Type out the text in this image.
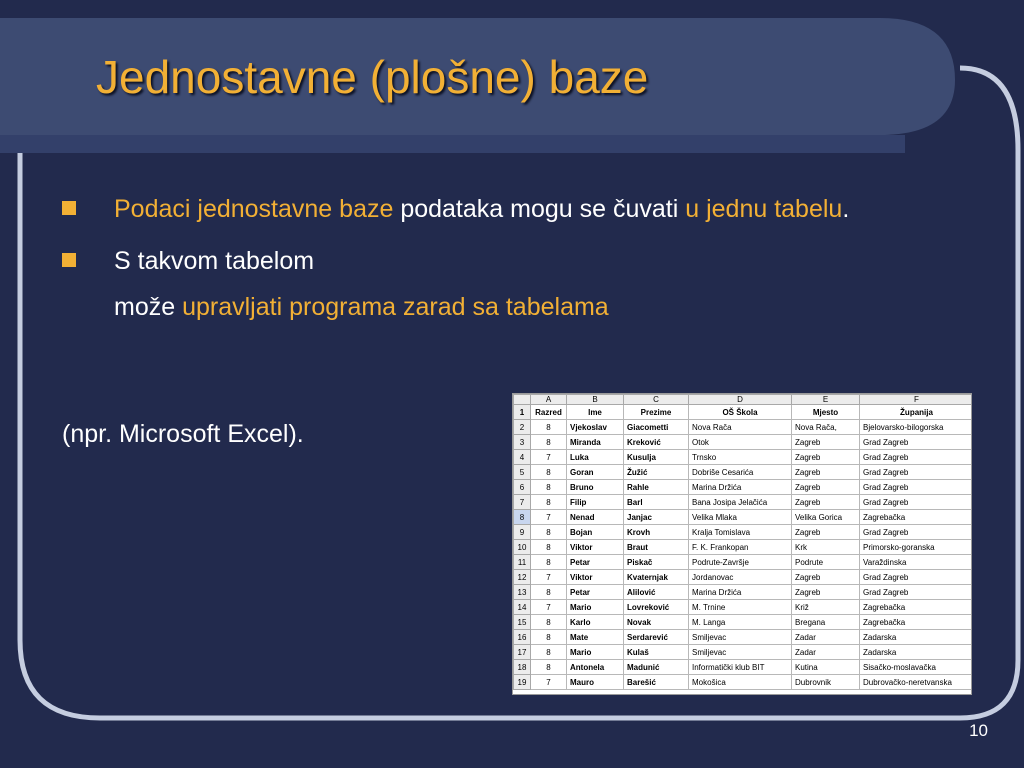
Jednostavne (plošne) baze
Podaci jednostavne baze podataka mogu se čuvati u jednu tabelu.
S takvom tabelom
može upravljati programa zarad sa tabelama
(npr. Microsoft Excel).
	A	B	C	D	E	F
1	Razred	Ime	Prezime	OŠ Škola	Mjesto	Županija
2	8	Vjekoslav	Giacometti	Nova Rača	Nova Rača,	Bjelovarsko-bilogorska
3	8	Miranda	Kreković	Otok	Zagreb	Grad Zagreb
4	7	Luka	Kusulja	Trnsko	Zagreb	Grad Zagreb
5	8	Goran	Žužić	Dobriše Cesarića	Zagreb	Grad Zagreb
6	8	Bruno	Rahle	Marina Držića	Zagreb	Grad Zagreb
7	8	Filip	Barl	Bana Josipa Jelačića	Zagreb	Grad Zagreb
8	7	Nenad	Janjac	Velika Mlaka	Velika Gorica	Zagrebačka
9	8	Bojan	Krovh	Kralja Tomislava	Zagreb	Grad Zagreb
10	8	Viktor	Braut	F. K. Frankopan	Krk	Primorsko-goranska
11	8	Petar	Piskač	Podrute-Završje	Podrute	Varaždinska
12	7	Viktor	Kvaternjak	Jordanovac	Zagreb	Grad Zagreb
13	8	Petar	Alilović	Marina Držića	Zagreb	Grad Zagreb
14	7	Mario	Lovreković	M. Trnine	Križ	Zagrebačka
15	8	Karlo	Novak	M. Langa	Bregana	Zagrebačka
16	8	Mate	Serdarević	Smiljevac	Zadar	Zadarska
17	8	Mario	Kulaš	Smiljevac	Zadar	Zadarska
18	8	Antonela	Madunić	Informatički klub BIT	Kutina	Sisačko-moslavačka
19	7	Mauro	Barešić	Mokošica	Dubrovnik	Dubrovačko-neretvanska
10
